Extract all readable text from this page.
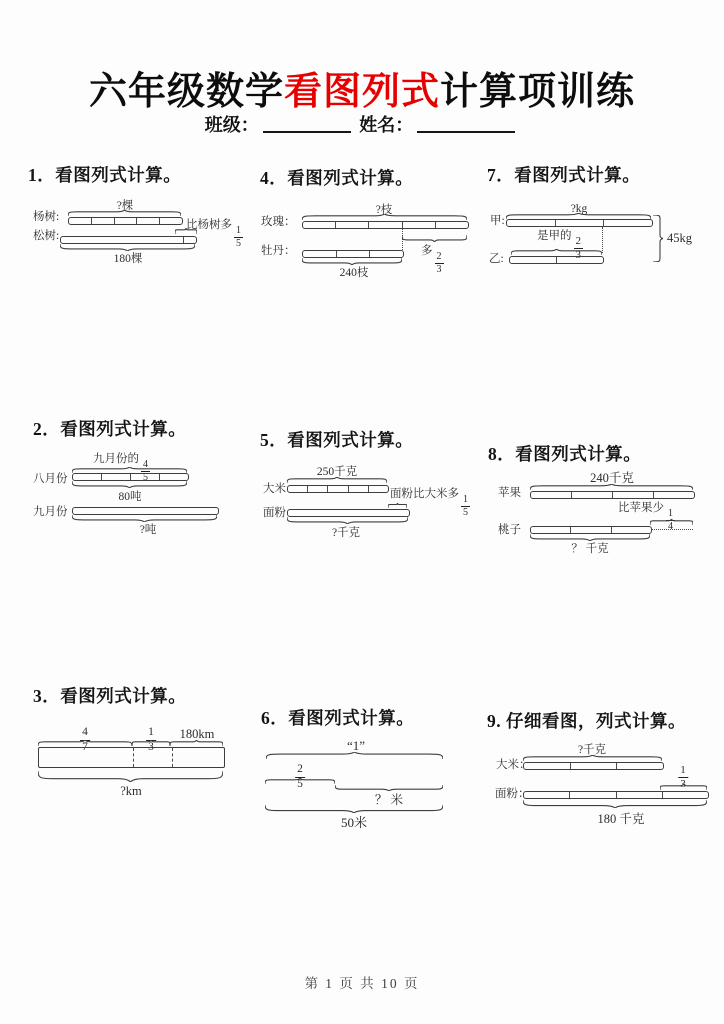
六年级数学看图列式计算项训练
班级：	姓名：
1．看图列式计算。
?棵
杨树:
比杨树多
$\frac{1}{5}$
松树:
180棵
4．看图列式计算。
?枝
玫瑰：
多
$\frac{2}{3}$
牡丹：
240枝
7．看图列式计算。
?kg
甲:
45kg
是甲的 $\frac{2}{3}$
乙:
2．看图列式计算。
九月份的
$\frac{4}{5}$
八月份
80吨
九月份
?吨
5．看图列式计算。
250千克
大米	面粉比大米多
$\frac{1}{5}$
面粉
?千克
8．看图列式计算。
240千克
苹果
比苹果少
$\frac{1}{4}$
桃子
？ 千克
3．看图列式计算。
$\frac{4}{7}$	$\frac{1}{3} 180km$
?km
6．看图列式计算。
“1”
$\frac{2}{5}$
？ 米
50米
9. 仔细看图，列式计算。
?千克
大米：	$\frac{1}{3}$
面粉：
180 千克
第 1 页 共 10 页
